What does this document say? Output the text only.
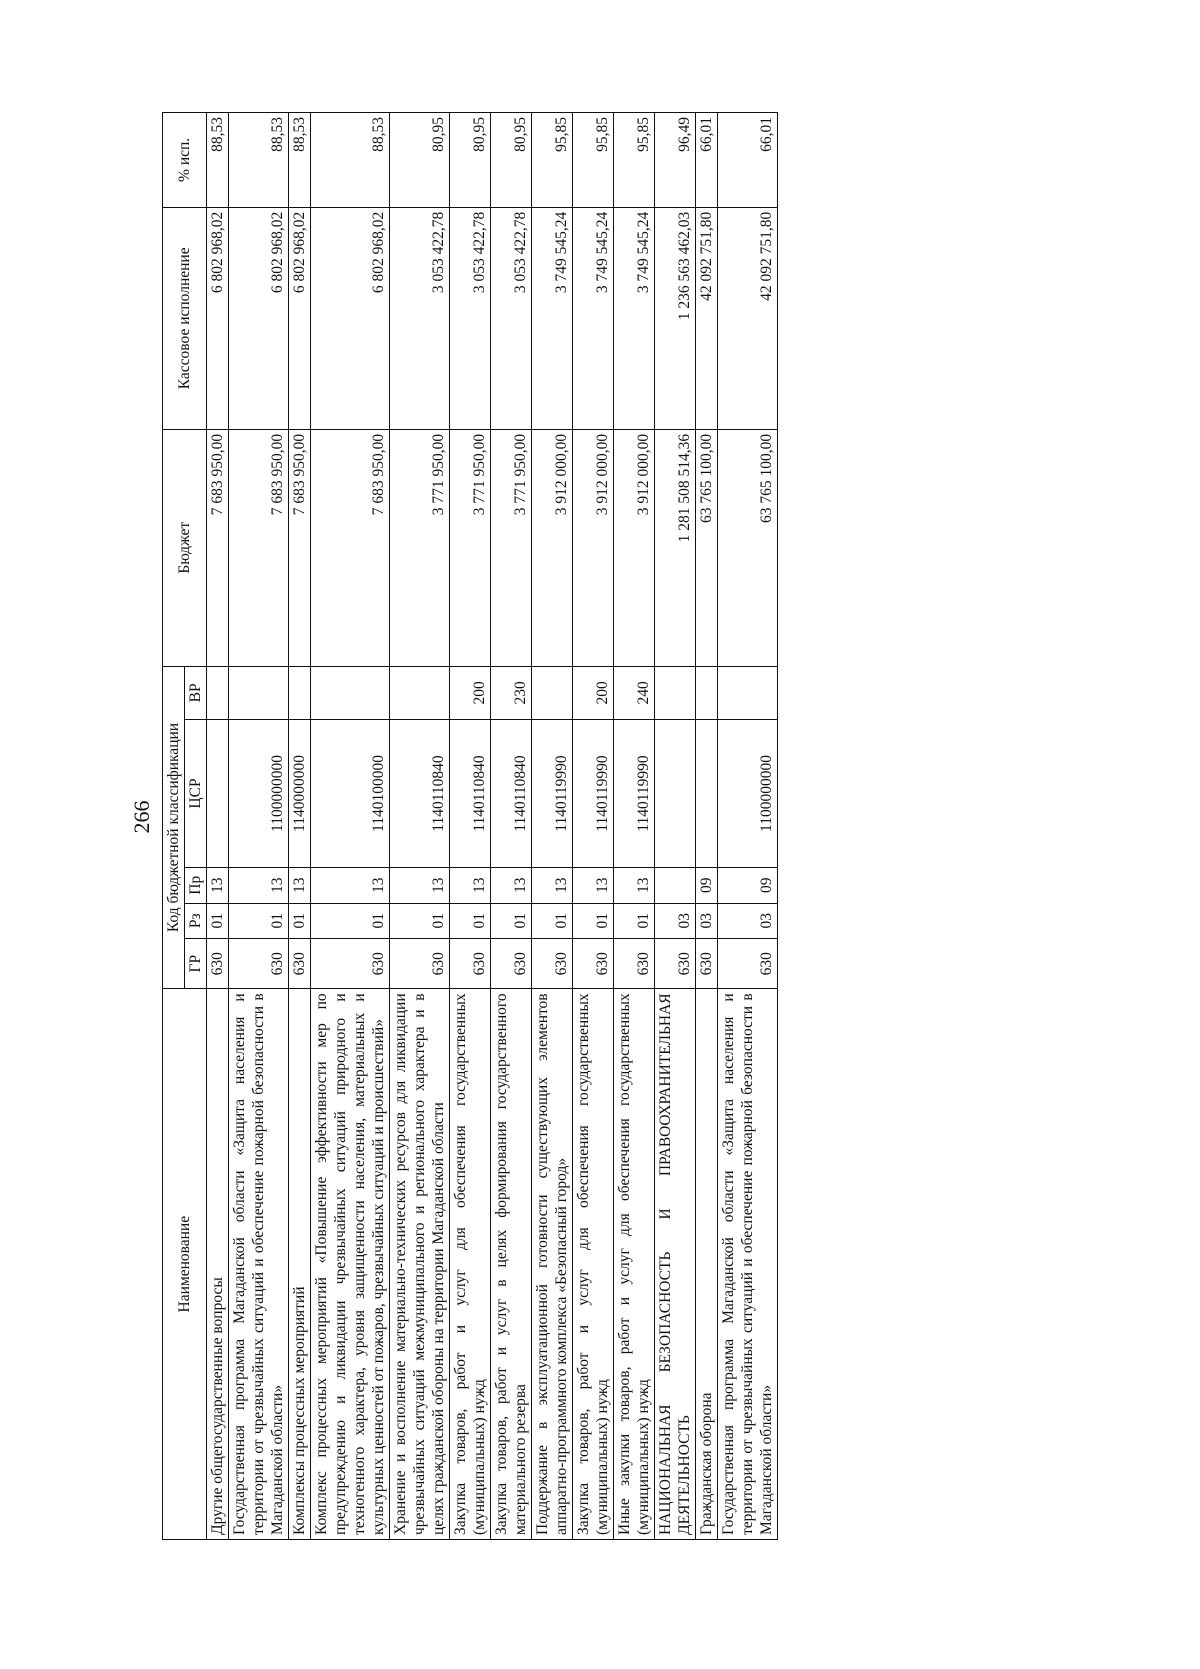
266
Наименование	Код бюджетной классификации					Бюджет	Кассовое исполнение	% исп.
	ГР	Рз	Пр	ЦСР	ВР			
Другие общегосударственные вопросы	630	01	13			7 683 950,00	6 802 968,02	88,53
Государственная программа Магаданской области «Защита населения и территории от чрезвычайных ситуаций и обеспечение пожарной безопасности в Магаданской области»	630	01	13	1100000000		7 683 950,00	6 802 968,02	88,53
Комплексы процессных мероприятий	630	01	13	1140000000		7 683 950,00	6 802 968,02	88,53
Комплекс процессных мероприятий «Повышение эффективности мер по предупреждению и ликвидации чрезвычайных ситуаций природного и техногенного характера, уровня защищенности населения, материальных и культурных ценностей от пожаров, чрезвычайных ситуаций и происшествий»	630	01	13	1140100000		7 683 950,00	6 802 968,02	88,53
Хранение и восполнение материально-технических ресурсов для ликвидации чрезвычайных ситуаций межмуниципального и регионального характера и в целях гражданской обороны на территории Магаданской области	630	01	13	1140110840		3 771 950,00	3 053 422,78	80,95
Закупка товаров, работ и услуг для обеспечения государственных (муниципальных) нужд	630	01	13	1140110840	200	3 771 950,00	3 053 422,78	80,95
Закупка товаров, работ и услуг в целях формирования государственного материального резерва	630	01	13	1140110840	230	3 771 950,00	3 053 422,78	80,95
Поддержание в эксплуатационной готовности существующих элементов аппаратно-программного комплекса «Безопасный город»	630	01	13	1140119990		3 912 000,00	3 749 545,24	95,85
Закупка товаров, работ и услуг для обеспечения государственных (муниципальных) нужд	630	01	13	1140119990	200	3 912 000,00	3 749 545,24	95,85
Иные закупки товаров, работ и услуг для обеспечения государственных (муниципальных) нужд	630	01	13	1140119990	240	3 912 000,00	3 749 545,24	95,85
НАЦИОНАЛЬНАЯ БЕЗОПАСНОСТЬ И ПРАВООХРАНИТЕЛЬНАЯ ДЕЯТЕЛЬНОСТЬ	630	03				1 281 508 514,36	1 236 563 462,03	96,49
Гражданская оборона	630	03	09			63 765 100,00	42 092 751,80	66,01
Государственная программа Магаданской области «Защита населения и территории от чрезвычайных ситуаций и обеспечение пожарной безопасности в Магаданской области»	630	03	09	1100000000		63 765 100,00	42 092 751,80	66,01
